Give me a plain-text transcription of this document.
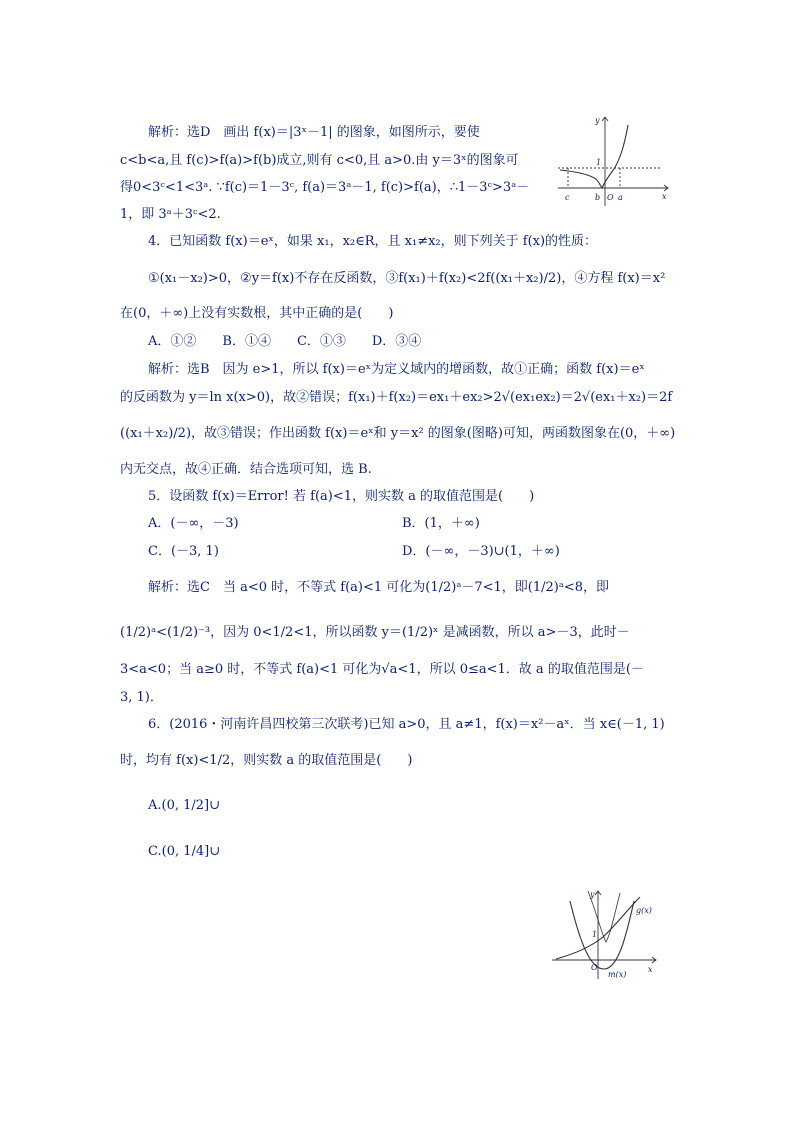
解析：选D　画出 f(x)＝|3ˣ－1| 的图象，如图所示，要使
c<b<a,且 f(c)>f(a)>f(b)成立,则有 c<0,且 a>0.由 y＝3ˣ的图象可
得0<3ᶜ<1<3ᵃ. ∵f(c)＝1－3ᶜ, f(a)＝3ᵃ－1, f(c)>f(a)，∴1－3ᶜ>3ᵃ－
1，即 3ᵃ＋3ᶜ<2.
y
x
1
c	b O a
4．已知函数 f(x)＝eˣ，如果 x₁，x₂∈R，且 x₁≠x₂，则下列关于 f(x)的性质：
①(x₁－x₂)>0，②y＝f(x)不存在反函数，③f(x₁)＋f(x₂)<2f((x₁＋x₂)/2)，④方程 f(x)＝x²
在(0，＋∞)上没有实数根，其中正确的是(　　)
A．①②　　B．①④　　C．①③　　D．③④
解析：选B　因为 e>1，所以 f(x)＝eˣ为定义域内的增函数，故①正确；函数 f(x)＝eˣ
的反函数为 y＝ln x(x>0)，故②错误；f(x₁)＋f(x₂)＝ex₁＋ex₂>2√(ex₁ex₂)＝2√(ex₁＋x₂)＝2f
((x₁＋x₂)/2)，故③错误；作出函数 f(x)＝eˣ和 y＝x² 的图象(图略)可知，两函数图象在(0，＋∞)
内无交点，故④正确．结合选项可知，选 B.
5．设函数 f(x)＝Error! 若 f(a)<1，则实数 a 的取值范围是(　　)
A．(－∞，－3)	B．(1，＋∞)
C．(－3, 1)	D．(－∞，－3)∪(1，＋∞)
解析：选C　当 a<0 时，不等式 f(a)<1 可化为(1/2)ᵃ－7<1，即(1/2)ᵃ<8，即
(1/2)ᵃ<(1/2)⁻³，因为 0<1/2<1，所以函数 y＝(1/2)ˣ 是减函数，所以 a>－3，此时－
3<a<0；当 a≥0 时，不等式 f(a)<1 可化为√a<1，所以 0≤a<1．故 a 的取值范围是(－
3, 1)．
6．(2016・河南许昌四校第三次联考)已知 a>0，且 a≠1，f(x)＝x²－aˣ．当 x∈(－1, 1)
时，均有 f(x)<1/2，则实数 a 的取值范围是(　　)
A.(0, 1/2]∪
C.(0, 1/4]∪
y
x
1
O
g(x)
m(x)
